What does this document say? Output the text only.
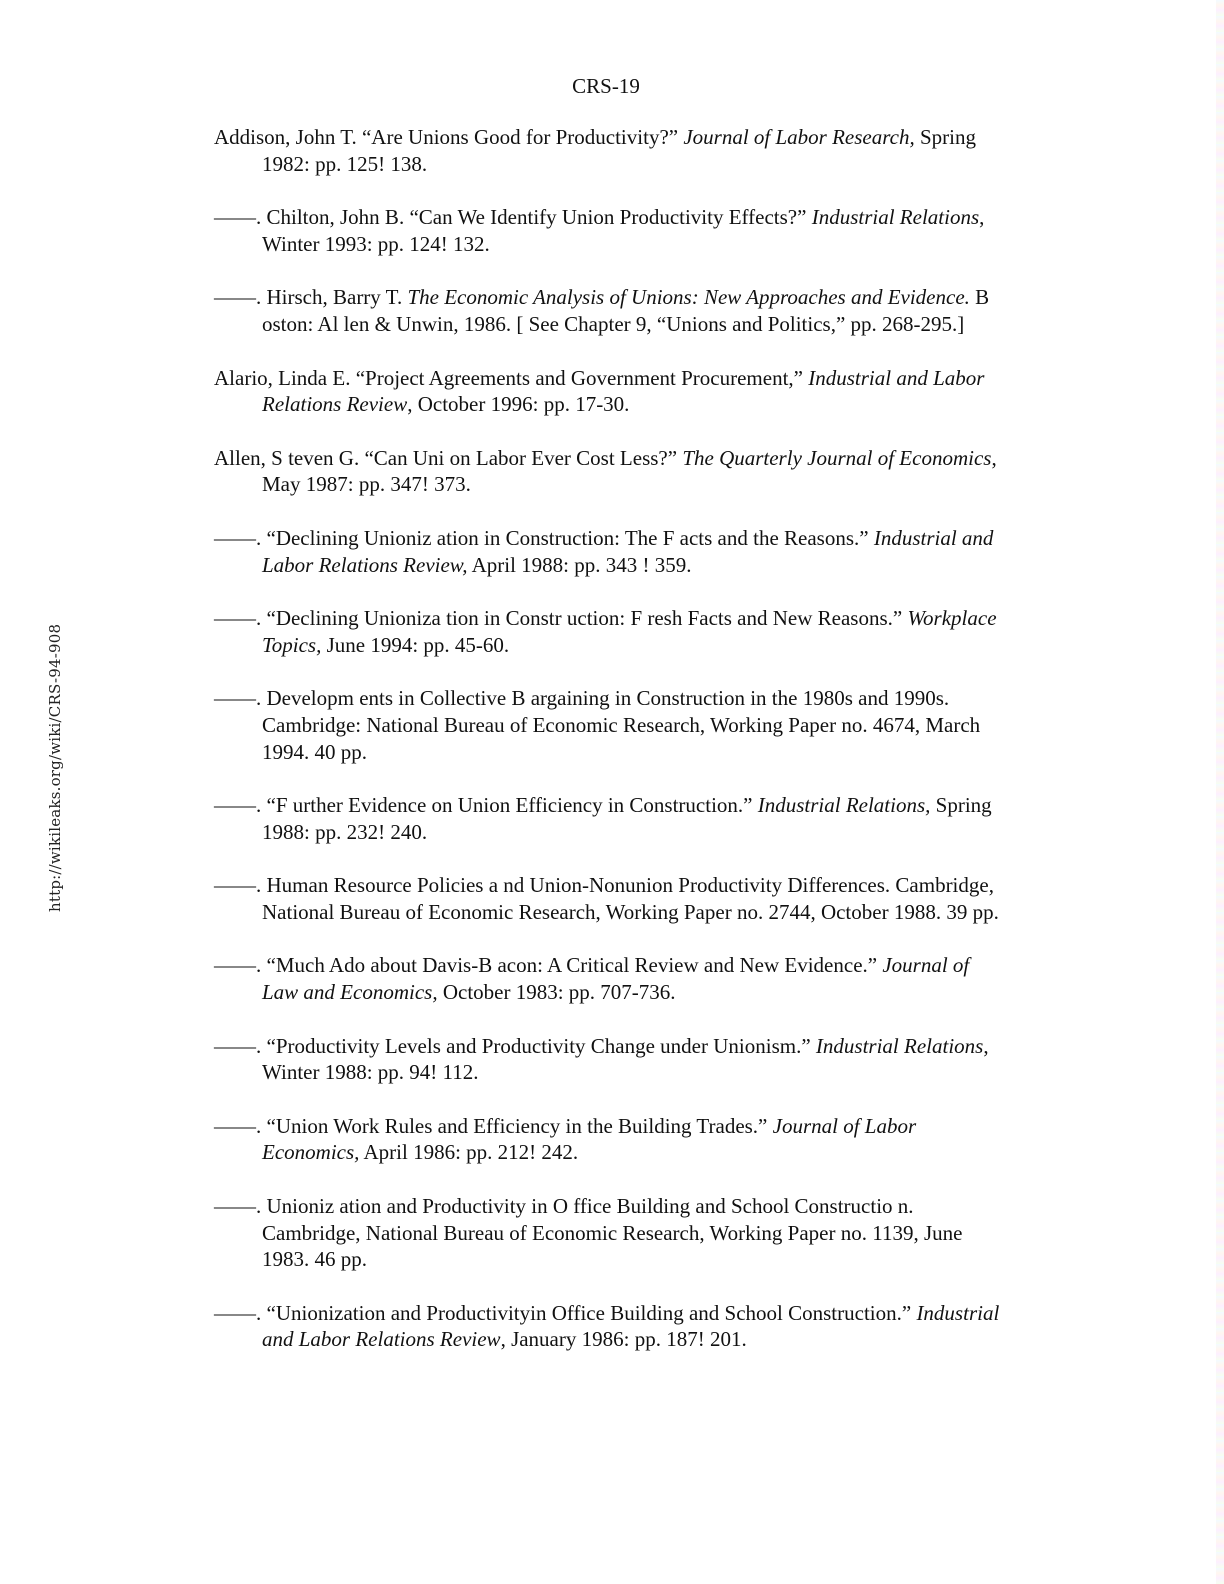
http://wikileaks.org/wiki/CRS-94-908
CRS-19

Addison, John T. “Are Unions Good for Productivity?” Journal of Labor Research, Spring 1982: pp. 125! 138.

——. Chilton, John B. “Can We Identify Union Productivity Effects?” Industrial Relations, Winter 1993: pp. 124! 132.

——. Hirsch, Barry T. The Economic Analysis of Unions: New Approaches and Evidence. B oston: Al len & Unwin, 1986. [ See Chapter 9, “Unions and Politics,” pp. 268-295.]

Alario, Linda E. “Project Agreements and Government Procurement,” Industrial and Labor Relations Review, October 1996: pp. 17-30.

Allen, S teven G. “Can Uni on Labor Ever Cost Less?” The Quarterly Journal of Economics, May 1987: pp. 347! 373.

——. “Declining Unioniz ation in Construction: The F acts and the Reasons.” Industrial and Labor Relations Review, April 1988: pp. 343 ! 359.

——. “Declining Unioniza tion in Constr uction: F resh Facts and New Reasons.” Workplace Topics, June 1994: pp. 45-60.

——. Developm ents in Collective B argaining in Construction in the 1980s and 1990s. Cambridge: National Bureau of Economic Research, Working Paper no. 4674, March 1994. 40 pp.

——. “F urther Evidence on Union Efficiency in Construction.” Industrial Relations, Spring 1988: pp. 232! 240.

——. Human Resource Policies a nd Union-Nonunion Productivity Differences. Cambridge, National Bureau of Economic Research, Working Paper no. 2744, October 1988. 39 pp.

——. “Much Ado about Davis-B acon: A Critical Review and New Evidence.” Journal of Law and Economics, October 1983: pp. 707-736.

——. “Productivity Levels and Productivity Change under Unionism.” Industrial Relations, Winter 1988: pp. 94! 112.

——. “Union Work Rules and Efficiency in the Building Trades.” Journal of Labor Economics, April 1986: pp. 212! 242.

——. Unioniz ation and Productivity in O ffice Building and School Constructio n. Cambridge, National Bureau of Economic Research, Working Paper no. 1139, June 1983. 46 pp.

——. “Unionization and Productivityin Office Building and School Construction.” Industrial and Labor Relations Review, January 1986: pp. 187! 201.
